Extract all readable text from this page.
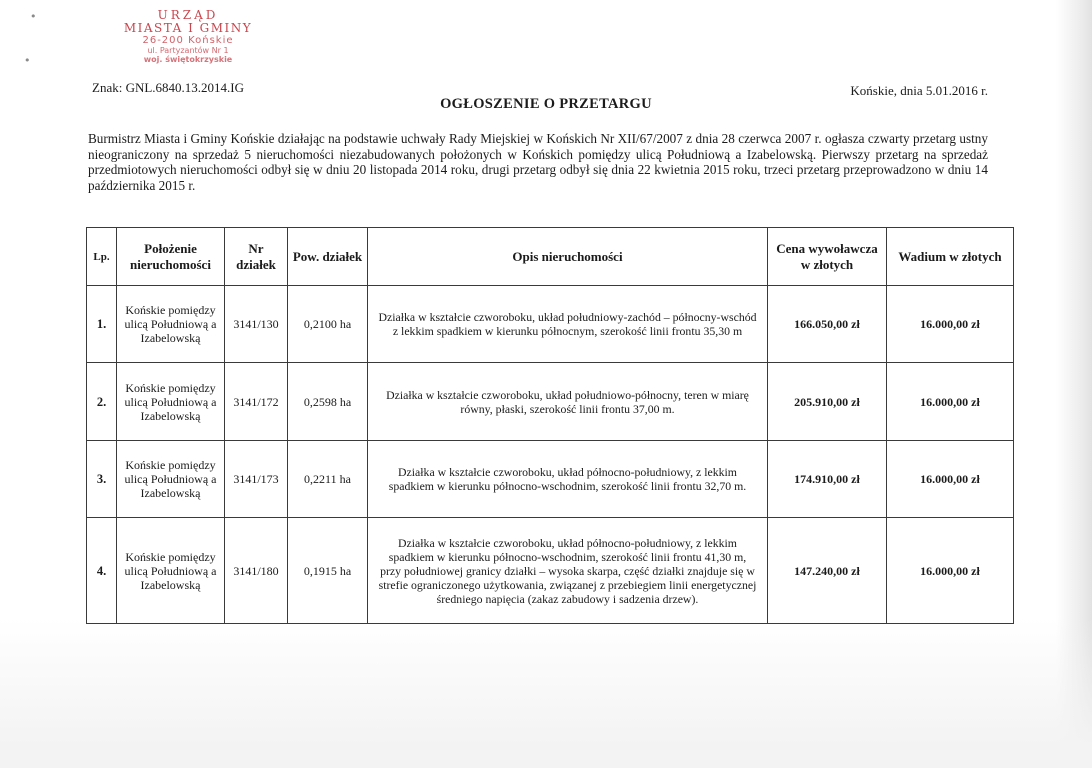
•
•
URZĄD
MIASTA I GMINY
26-200 Końskie
ul. Partyzantów Nr 1
woj. świętokrzyskie
Znak: GNL.6840.13.2014.IG	Końskie, dnia 5.01.2016 r.
OGŁOSZENIE O PRZETARGU
Burmistrz Miasta i Gminy Końskie działając na podstawie uchwały Rady Miejskiej w Końskich Nr XII/67/2007 z dnia 28 czerwca 2007 r. ogłasza czwarty przetarg ustny nieograniczony na sprzedaż 5 nieruchomości niezabudowanych położonych w Końskich pomiędzy ulicą Południową a Izabelowską. Pierwszy przetarg na sprzedaż przedmiotowych nieruchomości odbył się w dniu 20 listopada 2014 roku, drugi przetarg odbył się dnia 22 kwietnia 2015 roku, trzeci przetarg przeprowadzono w dniu 14 października 2015 r.
Lp.	Położenie nieruchomości	Nr działek	Pow. działek	Opis nieruchomości	Cena wywoławcza w złotych	Wadium w złotych
1.	Końskie pomiędzy ulicą Południową a Izabelowską	3141/130	0,2100 ha	Działka w kształcie czworoboku, układ południowy-zachód – północny-wschód z lekkim spadkiem w kierunku północnym, szerokość linii frontu 35,30 m	166.050,00 zł	16.000,00 zł
2.	Końskie pomiędzy ulicą Południową a Izabelowską	3141/172	0,2598 ha	Działka w kształcie czworoboku, układ południowo-północny, teren w miarę równy, płaski, szerokość linii frontu 37,00 m.	205.910,00 zł	16.000,00 zł
3.	Końskie pomiędzy ulicą Południową a Izabelowską	3141/173	0,2211 ha	Działka w kształcie czworoboku, układ północno-południowy, z lekkim spadkiem w kierunku północno-wschodnim, szerokość linii frontu 32,70 m.	174.910,00 zł	16.000,00 zł
4.	Końskie pomiędzy ulicą Południową a Izabelowską	3141/180	0,1915 ha	Działka w kształcie czworoboku, układ północno-południowy, z lekkim spadkiem w kierunku północno-wschodnim, szerokość linii frontu 41,30 m, przy południowej granicy działki – wysoka skarpa, część działki znajduje się w strefie ograniczonego użytkowania, związanej z przebiegiem linii energetycznej średniego napięcia (zakaz zabudowy i sadzenia drzew).	147.240,00 zł	16.000,00 zł
